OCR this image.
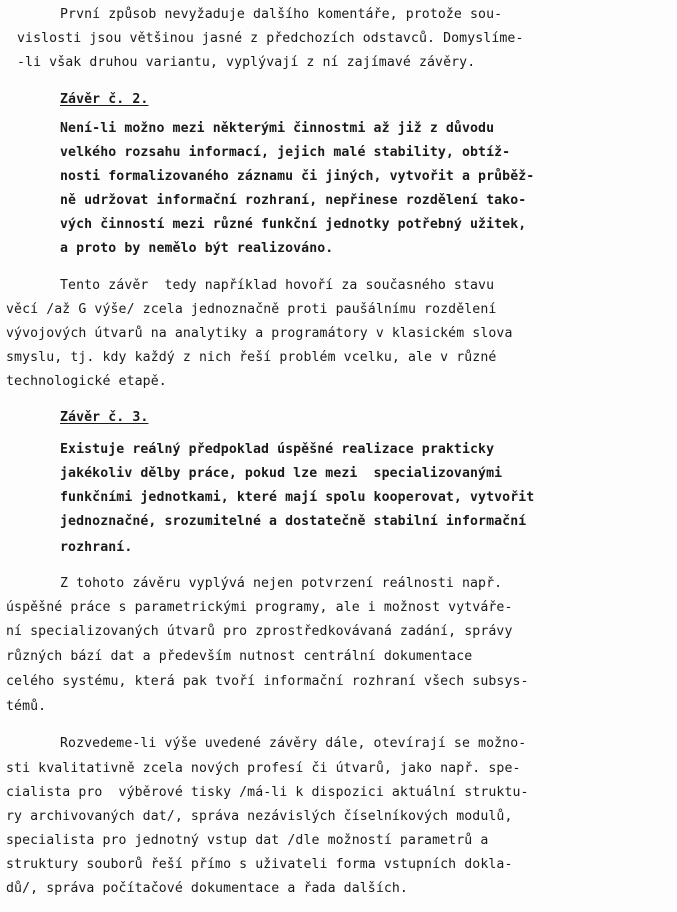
První způsob nevyžaduje dalšího komentáře, protože sou-
vislosti jsou většinou jasné z předchozích odstavců. Domyslíme-
-li však druhou variantu, vyplývají z ní zajímavé závěry.
Závěr č. 2.
Není-li možno mezi některými činnostmi až již z důvodu
velkého rozsahu informací, jejich malé stability, obtíž-
nosti formalizovaného záznamu či jiných, vytvořit a průběž-
ně udržovat informační rozhraní, nepřinese rozdělení tako-
vých činností mezi různé funkční jednotky potřebný užitek,
a proto by nemělo být realizováno.
Tento závěr  tedy například hovoří za současného stavu
věcí /až G výše/ zcela jednoznačně proti paušálnímu rozdělení
vývojových útvarů na analytiky a programátory v klasickém slova
smyslu, tj. kdy každý z nich řeší problém vcelku, ale v různé
technologické etapě.
Závěr č. 3.
Existuje reálný předpoklad úspěšné realizace prakticky
jakékoliv dělby práce, pokud lze mezi  specializovanými
funkčními jednotkami, které mají spolu kooperovat, vytvořit
jednoznačné, srozumitelné a dostatečně stabilní informační
rozhraní.
Z tohoto závěru vyplývá nejen potvrzení reálnosti např.
úspěšné práce s parametrickými programy, ale i možnost vytváře-
ní specializovaných útvarů pro zprostředkovávaná zadání, správy
různých bází dat a především nutnost centrální dokumentace
celého systému, která pak tvoří informační rozhraní všech subsys-
témů.
Rozvedeme-li výše uvedené závěry dále, otevírají se možno-
sti kvalitativně zcela nových profesí či útvarů, jako např. spe-
cialista pro  výběrové tisky /má-li k dispozici aktuální struktu-
ry archivovaných dat/, správa nezávislých číselníkových modulů,
specialista pro jednotný vstup dat /dle možností parametrů a
struktury souborů řeší přímo s uživateli forma vstupních dokla-
dů/, správa počítačové dokumentace a řada dalších.
